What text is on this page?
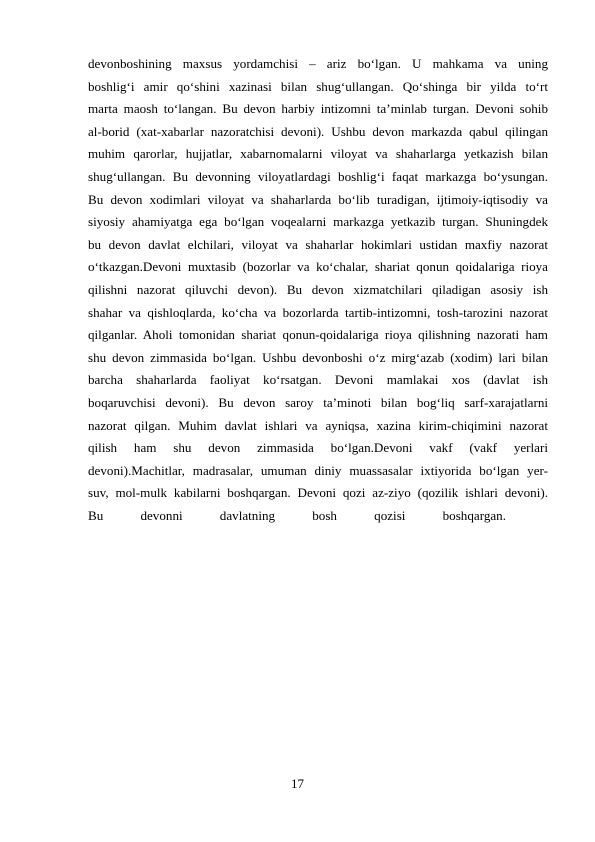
devonboshining maxsus yordamchisi – ariz bo‘lgan. U mahkama va uning
boshlig‘i amir qo‘shini xazinasi bilan shug‘ullangan. Qo‘shinga bir yilda to‘rt
marta maosh to‘langan. Bu devon harbiy intizomni ta’minlab turgan. Devoni sohib
al-borid (xat-xabarlar nazoratchisi devoni). Ushbu devon markazda qabul qilingan
muhim qarorlar, hujjatlar, xabarnomalarni viloyat va shaharlarga yetkazish bilan
shug‘ullangan. Bu devonning viloyatlardagi boshlig‘i faqat markazga bo‘ysungan.
Bu devon xodimlari viloyat va shaharlarda bo‘lib turadigan, ijtimoiy-iqtisodiy va
siyosiy ahamiyatga ega bo‘lgan voqealarni markazga yetkazib turgan. Shuningdek
bu devon davlat elchilari, viloyat va shaharlar hokimlari ustidan maxfiy nazorat
o‘tkazgan.Devoni muxtasib (bozorlar va ko‘chalar, shariat qonun qoidalariga rioya
qilishni nazorat qiluvchi devon). Bu devon xizmatchilari qiladigan asosiy ish
shahar va qishloqlarda, ko‘cha va bozorlarda tartib-intizomni, tosh-tarozini nazorat
qilganlar. Aholi tomonidan shariat qonun-qoidalariga rioya qilishning nazorati ham
shu devon zimmasida bo‘lgan. Ushbu devonboshi o‘z mirg‘azab (xodim) lari bilan
barcha shaharlarda faoliyat ko‘rsatgan. Devoni mamlakai xos (davlat ish
boqaruvchisi devoni). Bu devon saroy ta’minoti bilan bog‘liq sarf-xarajatlarni
nazorat qilgan. Muhim davlat ishlari va ayniqsa, xazina kirim-chiqimini nazorat
qilish ham shu devon zimmasida bo‘lgan.Devoni vakf (vakf yerlari
devoni).Machitlar, madrasalar, umuman diniy muassasalar ixtiyorida bo‘lgan yer-
suv, mol-mulk kabilarni boshqargan. Devoni qozi az-ziyo (qozilik ishlari devoni).
Bu devonni davlatning bosh qozisi boshqargan.
17
